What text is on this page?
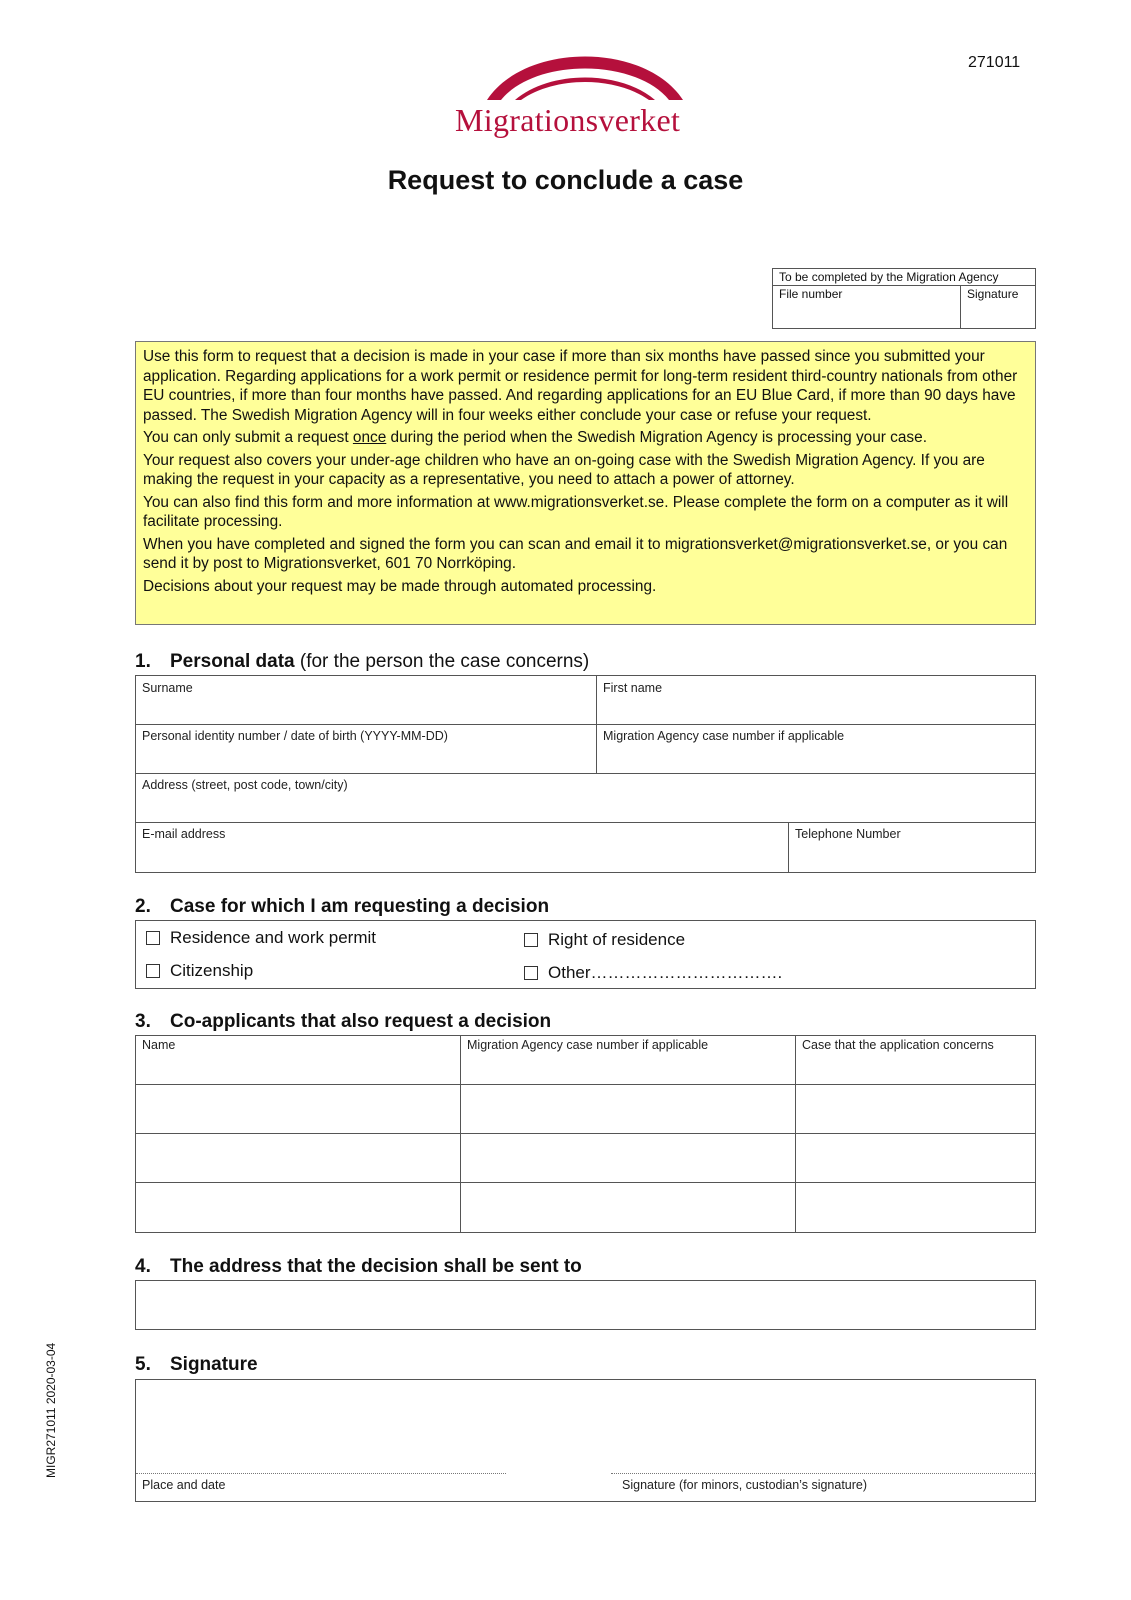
271011
Migrationsverket
Request to conclude a case
To be completed by the Migration Agency
File number	Signature

Use this form to request that a decision is made in your case if more than six months have passed since you submitted your application. Regarding applications for a work permit or residence permit for long-term resident third-country nationals from other EU countries, if more than four months have passed. And regarding applications for an EU Blue Card, if more than 90 days have passed. The Swedish Migration Agency will in four weeks either conclude your case or refuse your request.

You can only submit a request once during the period when the Swedish Migration Agency is processing your case.

Your request also covers your under-age children who have an on-going case with the Swedish Migration Agency. If you are making the request in your capacity as a representative, you need to attach a power of attorney.

You can also find this form and more information at www.migrationsverket.se. Please complete the form on a computer as it will facilitate processing.

When you have completed and signed the form you can scan and email it to migrationsverket@migrationsverket.se, or you can send it by post to Migrationsverket, 601 70 Norrköping.

Decisions about your request may be made through automated processing.

1. Personal data (for the person the case concerns)
Surname	First name
Personal identity number / date of birth (YYYY-MM-DD)	Migration Agency case number if applicable
Address (street, post code, town/city)
E-mail address	Telephone Number
2. Case for which I am requesting a decision
Residence and work permit
Citizenship
Right of residence
Other…………………………….
3. Co-applicants that also request a decision
Name	Migration Agency case number if applicable	Case that the application concerns
4. The address that the decision shall be sent to
5. Signature
Place and date	Signature (for minors, custodian’s signature)
MIGR271011 2020-03-04
